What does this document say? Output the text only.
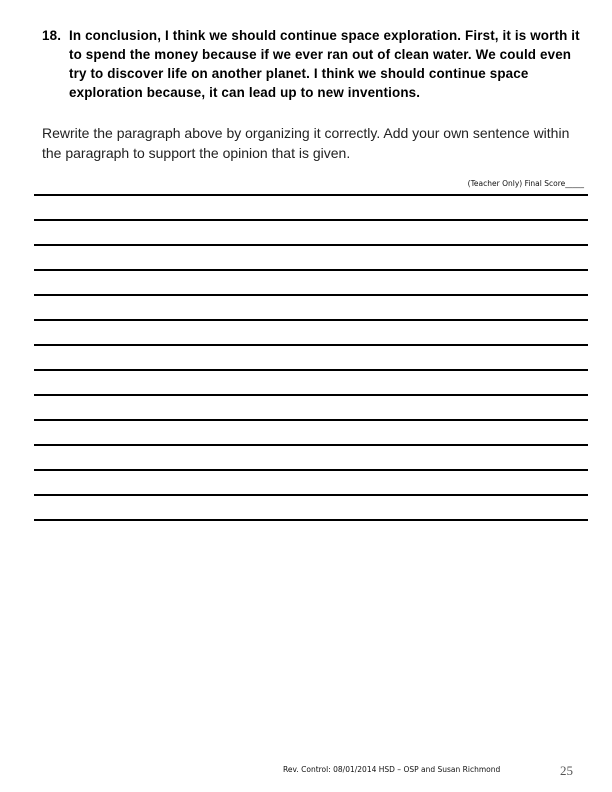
18. In conclusion, I think we should continue space exploration. First, it is worth it to spend the money because if we ever ran out of clean water. We could even try to discover life on another planet. I think we should continue space exploration because, it can lead up to new inventions.
Rewrite the paragraph above by organizing it correctly. Add your own sentence within the paragraph to support the opinion that is given.
(Teacher Only) Final Score_____
Rev. Control: 08/01/2014 HSD – OSP and Susan Richmond	25
